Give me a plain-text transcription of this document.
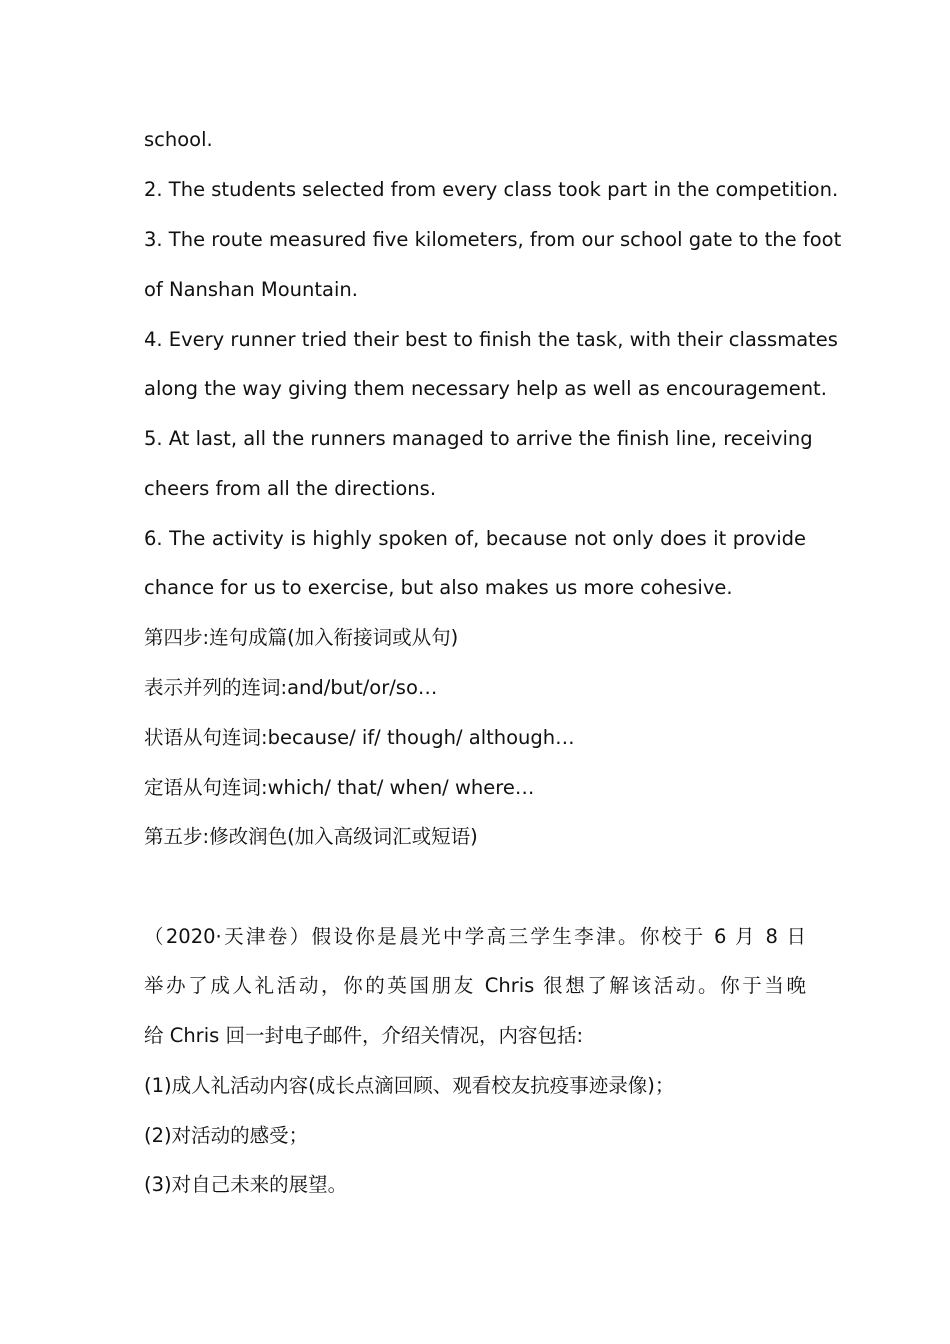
school.
2. The students selected from every class took part in the competition.
3. The route measured five kilometers, from our school gate to the foot
of Nanshan Mountain.
4. Every runner tried their best to finish the task, with their classmates
along the way giving them necessary help as well as encouragement.
5. At last, all the runners managed to arrive the finish line, receiving
cheers from all the directions.
6. The activity is highly spoken of, because not only does it provide
chance for us to exercise, but also makes us more cohesive.
第四步:连句成篇(加入衔接词或从句)
表示并列的连词:and/but/or/so…
状语从句连词:because/ if/ though/ although…
定语从句连词:which/ that/ when/ where…
第五步:修改润色(加入高级词汇或短语)
（2020·天津卷）假设你是晨光中学高三学生李津。你校于 6 月 8 日
举办了成人礼活动，你的英国朋友 Chris 很想了解该活动。你于当晚
给 Chris 回一封电子邮件，介绍关情况，内容包括:
(1)成人礼活动内容(成长点滴回顾、观看校友抗疫事迹录像)；
(2)对活动的感受；
(3)对自己未来的展望。
